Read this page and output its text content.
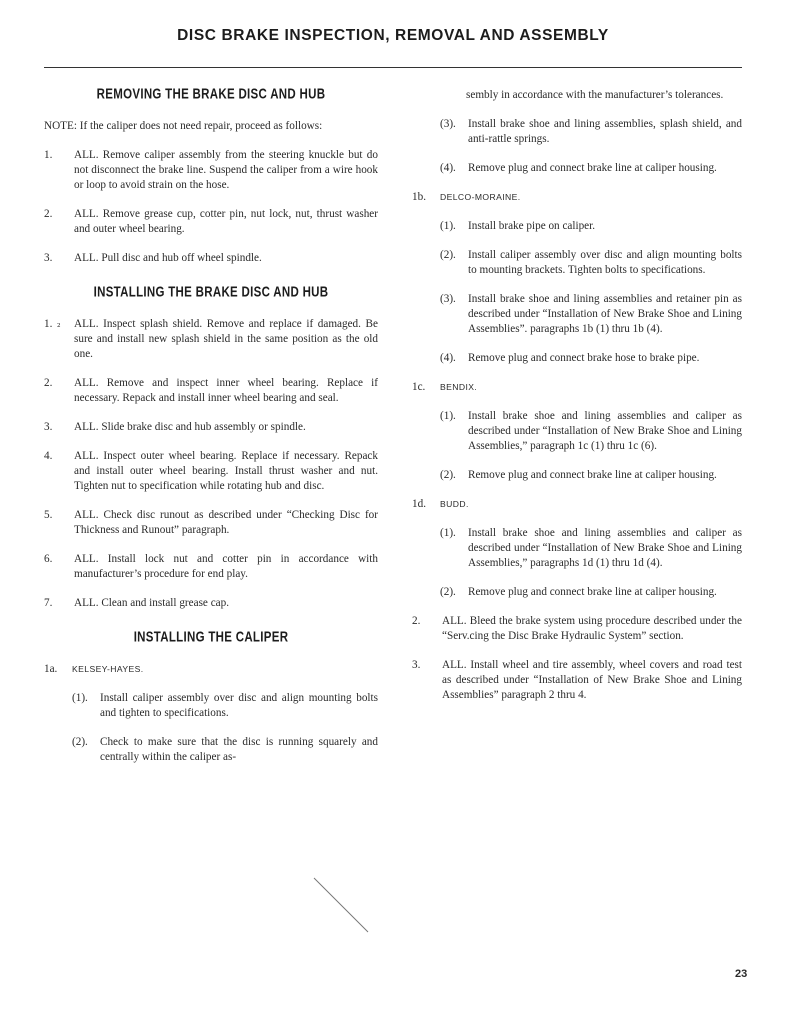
DISC BRAKE INSPECTION, REMOVAL AND ASSEMBLY
²
REMOVING THE BRAKE DISC AND HUB

NOTE: If the caliper does not need repair, proceed as follows:

1.	ALL. Remove caliper assembly from the steering knuckle but do not disconnect the brake line. Suspend the caliper from a wire hook or loop to avoid strain on the hose.
2.	ALL. Remove grease cup, cotter pin, nut lock, nut, thrust washer and outer wheel bearing.
3.	ALL. Pull disc and hub off wheel spindle.
INSTALLING THE BRAKE DISC AND HUB
1.	ALL. Inspect splash shield. Remove and replace if damaged. Be sure and install new splash shield in the same position as the old one.
2.	ALL. Remove and inspect inner wheel bearing. Replace if necessary. Repack and install inner wheel bearing and seal.
3.	ALL. Slide brake disc and hub assembly or spindle.
4.	ALL. Inspect outer wheel bearing. Replace if necessary. Repack and install outer wheel bearing. Install thrust washer and nut. Tighten nut to specification while rotating hub and disc.
5.	ALL. Check disc runout as described under “Checking Disc for Thickness and Runout” paragraph.
6.	ALL. Install lock nut and cotter pin in accordance with manufacturer’s procedure for end play.
7.	ALL. Clean and install grease cap.
INSTALLING THE CALIPER
1a.	KELSEY-HAYES.
(1).	Install caliper assembly over disc and align mounting bolts and tighten to specifications.
(2).	Check to make sure that the disc is running squarely and centrally within the caliper as-

sembly in accordance with the manufacturer’s tolerances.

(3).	Install brake shoe and lining assemblies, splash shield, and anti-rattle springs.
(4).	Remove plug and connect brake line at caliper housing.
1b.	DELCO-MORAINE.
(1).	Install brake pipe on caliper.
(2).	Install caliper assembly over disc and align mounting bolts to mounting brackets. Tighten bolts to specifications.
(3).	Install brake shoe and lining assemblies and retainer pin as described under “Installation of New Brake Shoe and Lining Assemblies”. paragraphs 1b (1) thru 1b (4).
(4).	Remove plug and connect brake hose to brake pipe.
1c.	BENDIX.
(1).	Install brake shoe and lining assemblies and caliper as described under “Installation of New Brake Shoe and Lining Assemblies,” paragraph 1c (1) thru 1c (6).
(2).	Remove plug and connect brake line at caliper housing.
1d.	BUDD.
(1).	Install brake shoe and lining assemblies and caliper as described under “Installation of New Brake Shoe and Lining Assemblies,” paragraphs 1d (1) thru 1d (4).
(2).	Remove plug and connect brake line at caliper housing.
2.	ALL. Bleed the brake system using procedure described under the “Serv.cing the Disc Brake Hydraulic System” section.
3.	ALL. Install wheel and tire assembly, wheel covers and road test as described under “Installation of New Brake Shoe and Lining Assemblies” paragraph 2 thru 4.
23
